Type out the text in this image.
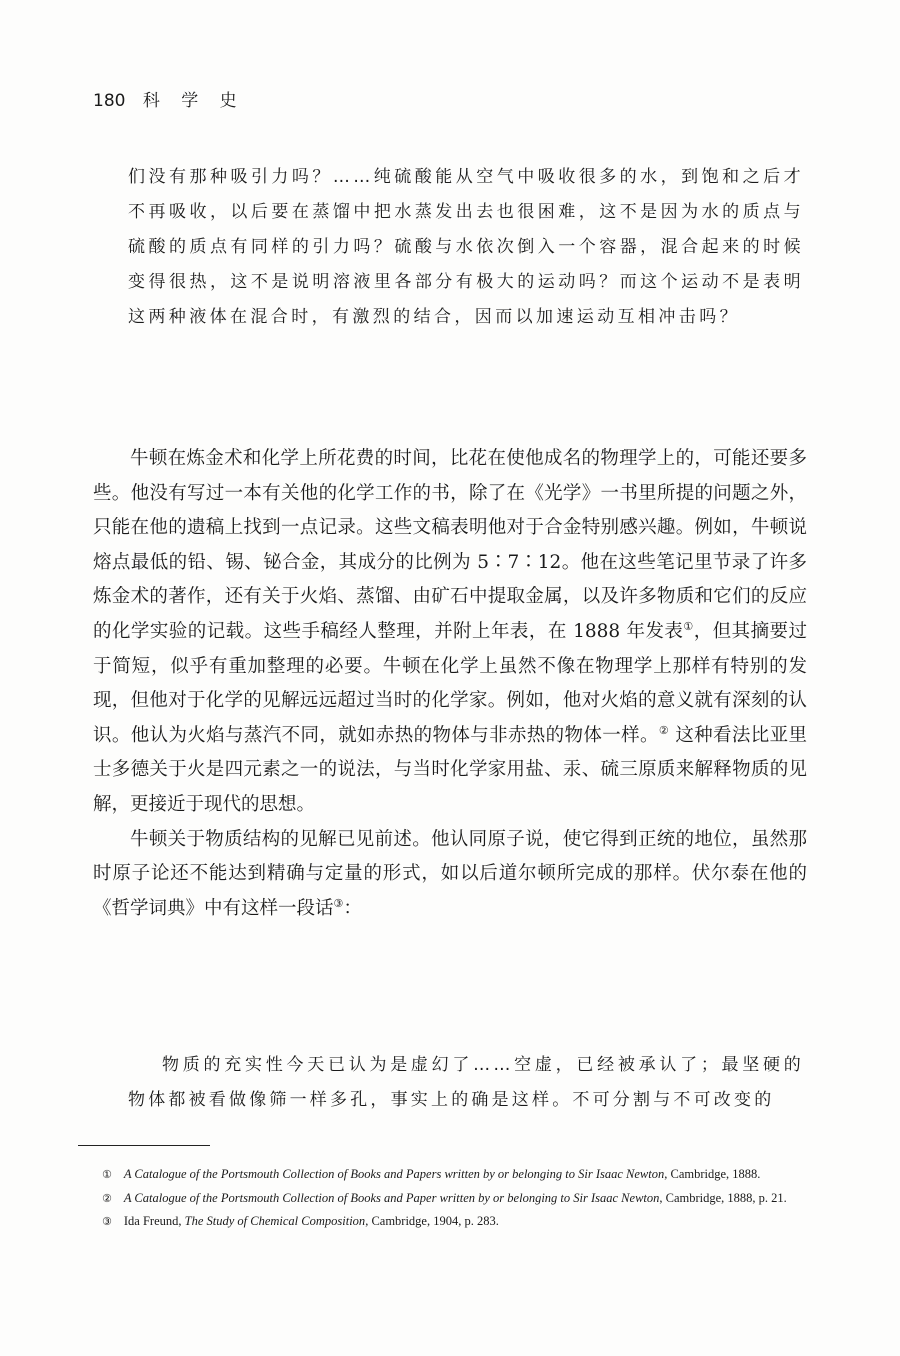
180 科 学 史

们没有那种吸引力吗？……纯硫酸能从空气中吸收很多的水，到饱和之后才不再吸收，以后要在蒸馏中把水蒸发出去也很困难，这不是因为水的质点与硫酸的质点有同样的引力吗？硫酸与水依次倒入一个容器，混合起来的时候变得很热，这不是说明溶液里各部分有极大的运动吗？而这个运动不是表明这两种液体在混合时，有激烈的结合，因而以加速运动互相冲击吗？

牛顿在炼金术和化学上所花费的时间，比花在使他成名的物理学上的，可能还要多些。他没有写过一本有关他的化学工作的书，除了在《光学》一书里所提的问题之外，只能在他的遗稿上找到一点记录。这些文稿表明他对于合金特别感兴趣。例如，牛顿说熔点最低的铅、锡、铋合金，其成分的比例为 5∶7∶12。他在这些笔记里节录了许多炼金术的著作，还有关于火焰、蒸馏、由矿石中提取金属，以及许多物质和它们的反应的化学实验的记载。这些手稿经人整理，并附上年表，在 1888 年发表①，但其摘要过于简短，似乎有重加整理的必要。牛顿在化学上虽然不像在物理学上那样有特别的发现，但他对于化学的见解远远超过当时的化学家。例如，他对火焰的意义就有深刻的认识。他认为火焰与蒸汽不同，就如赤热的物体与非赤热的物体一样。② 这种看法比亚里士多德关于火是四元素之一的说法，与当时化学家用盐、汞、硫三原质来解释物质的见解，更接近于现代的思想。

牛顿关于物质结构的见解已见前述。他认同原子说，使它得到正统的地位，虽然那时原子论还不能达到精确与定量的形式，如以后道尔顿所完成的那样。伏尔泰在他的《哲学词典》中有这样一段话③：

物质的充实性今天已认为是虚幻了……空虚，已经被承认了；最坚硬的物体都被看做像筛一样多孔，事实上的确是这样。不可分割与不可改变的

① A Catalogue of the Portsmouth Collection of Books and Papers written by or belonging to Sir Isaac Newton, Cambridge, 1888.

② A Catalogue of the Portsmouth Collection of Books and Paper written by or belonging to Sir Isaac Newton, Cambridge, 1888, p. 21.

③ Ida Freund, The Study of Chemical Composition, Cambridge, 1904, p. 283.
